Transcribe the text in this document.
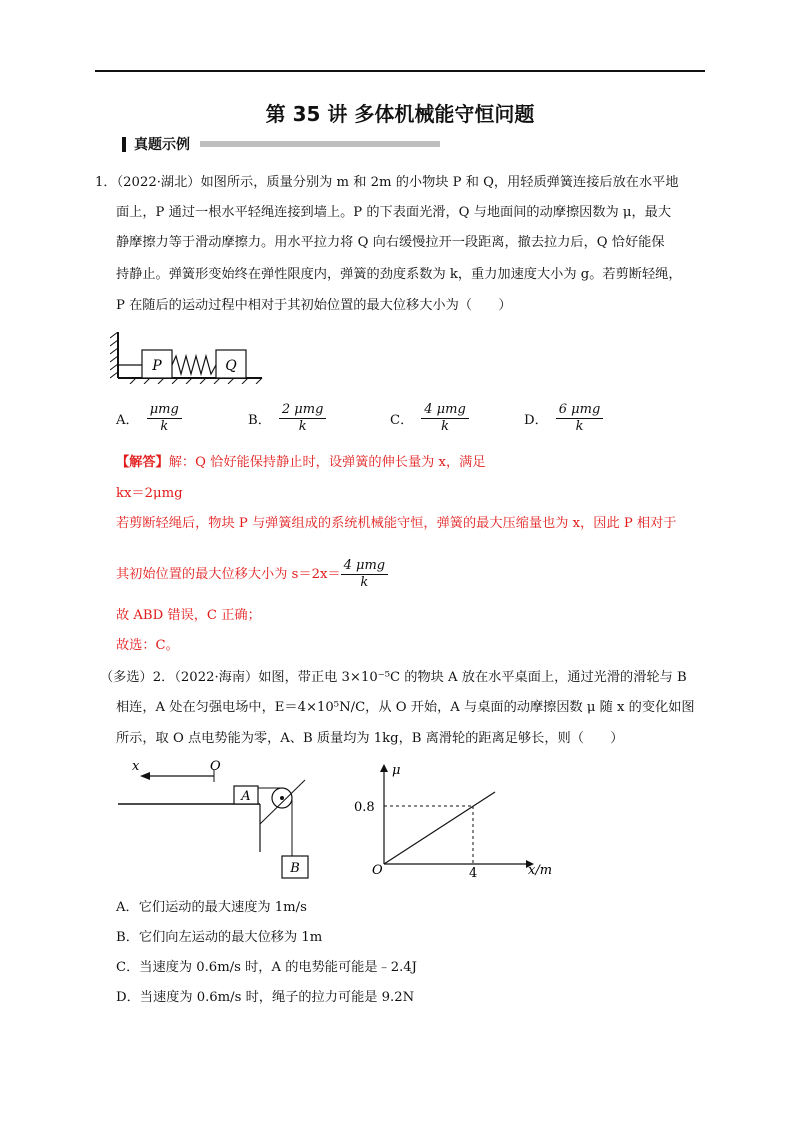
第 35 讲 多体机械能守恒问题
真题示例
1．（2022·湖北）如图所示，质量分别为 m 和 2m 的小物块 P 和 Q，用轻质弹簧连接后放在水平地
面上，P 通过一根水平轻绳连接到墙上。P 的下表面光滑，Q 与地面间的动摩擦因数为 μ，最大
静摩擦力等于滑动摩擦力。用水平拉力将 Q 向右缓慢拉开一段距离，撤去拉力后，Q 恰好能保
持静止。弹簧形变始终在弹性限度内，弹簧的劲度系数为 k，重力加速度大小为 g。若剪断轻绳，
P 在随后的运动过程中相对于其初始位置的最大位移大小为（　　）
P	Q
A． $\frac{\text{μmg}}{k}$	B． $\frac{\text{2 μmg}}{k}$	C． $\frac{\text{4 μmg}}{k}$	D． $\frac{\text{6 μmg}}{k}$
【解答】解：Q 恰好能保持静止时，设弹簧的伸长量为 x，满足
kx＝2μmg
若剪断轻绳后，物块 P 与弹簧组成的系统机械能守恒，弹簧的最大压缩量也为 x，因此 P 相对于
其初始位置的最大位移大小为 $s=2x= \frac{\text{4 μmg}}{k}$
故 ABD 错误，C 正确；
故选：C。
（多选）2．（2022·海南）如图，带正电 3×10⁻⁵C 的物块 A 放在水平桌面上，通过光滑的滑轮与 B
相连，A 处在匀强电场中，E＝4×10⁵N/C，从 O 开始，A 与桌面的动摩擦因数 μ 随 x 的变化如图
所示，取 O 点电势能为零，A、B 质量均为 1kg，B 离滑轮的距离足够长，则（　　）
x	O
A
B
μ
x/m
O
0.8
4
A．它们运动的最大速度为 1m/s
B．它们向左运动的最大位移为 1m
C．当速度为 0.6m/s 时，A 的电势能可能是﹣2.4J
D．当速度为 0.6m/s 时，绳子的拉力可能是 9.2N
